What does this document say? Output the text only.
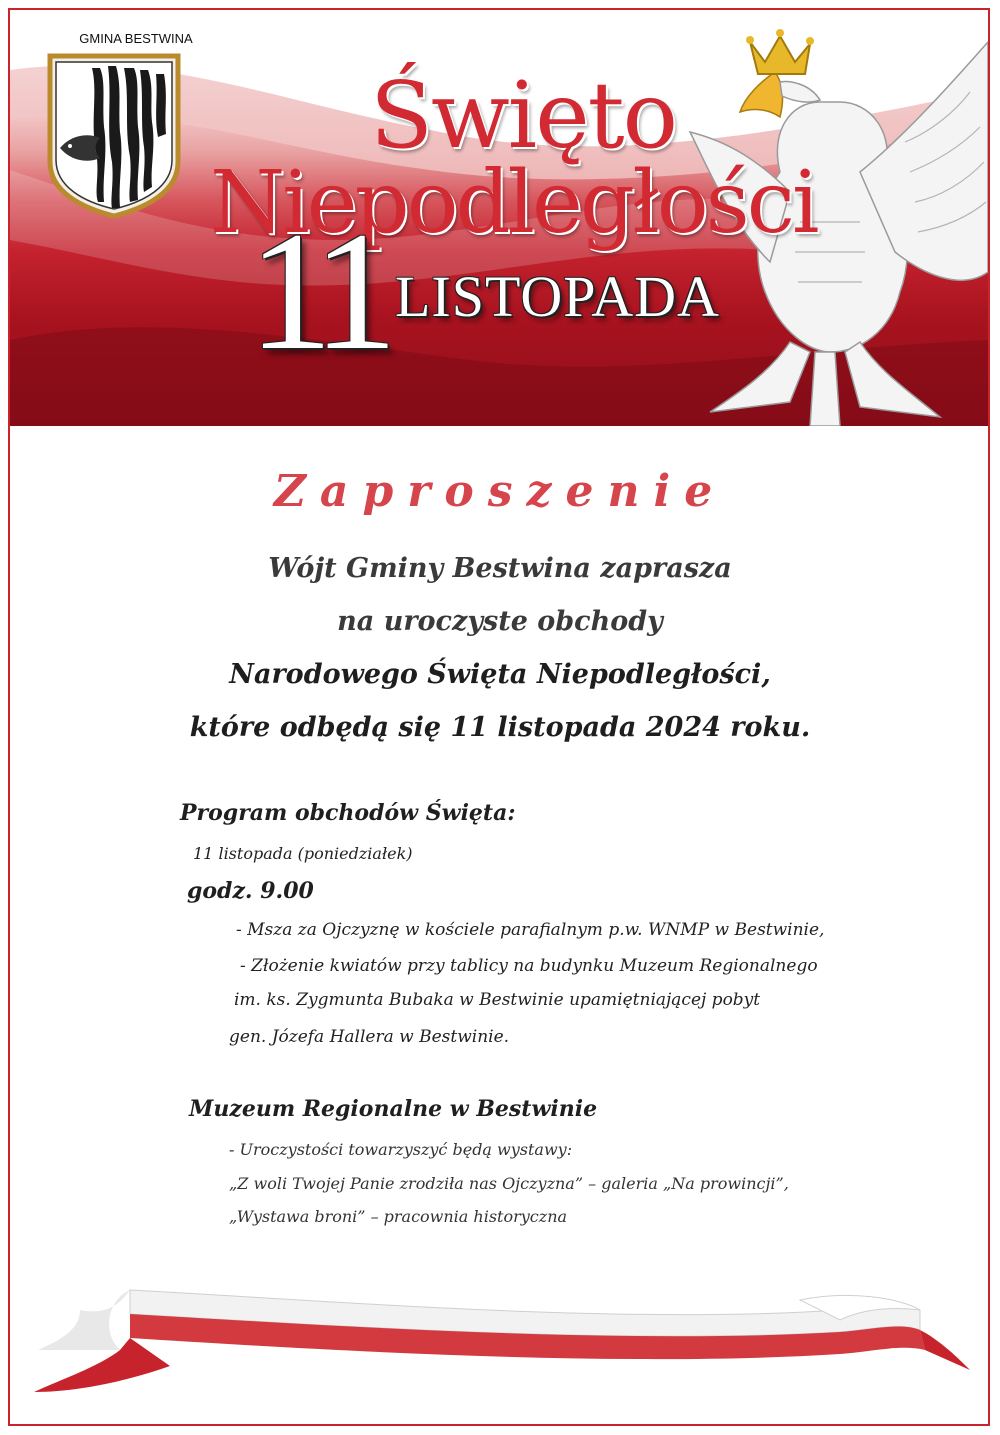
GMINA BESTWINA
Święto
Niepodległości
11 LISTOPADA
Zaproszenie
Wójt Gminy Bestwina zaprasza
na uroczyste obchody
Narodowego Święta Niepodległości,
które odbędą się 11 listopada 2024 roku.
Program obchodów Święta:
11 listopada (poniedziałek)
godz. 9.00
- Msza za Ojczyznę w kościele parafialnym p.w. WNMP w Bestwinie,
- Złożenie kwiatów przy tablicy na budynku Muzeum Regionalnego
im. ks. Zygmunta Bubaka w Bestwinie upamiętniającej pobyt
gen. Józefa Hallera w Bestwinie.
Muzeum Regionalne w Bestwinie
- Uroczystości towarzyszyć będą wystawy:
„Z woli Twojej Panie zrodziła nas Ojczyzna” – galeria „Na prowincji”,
„Wystawa broni” – pracownia historyczna
